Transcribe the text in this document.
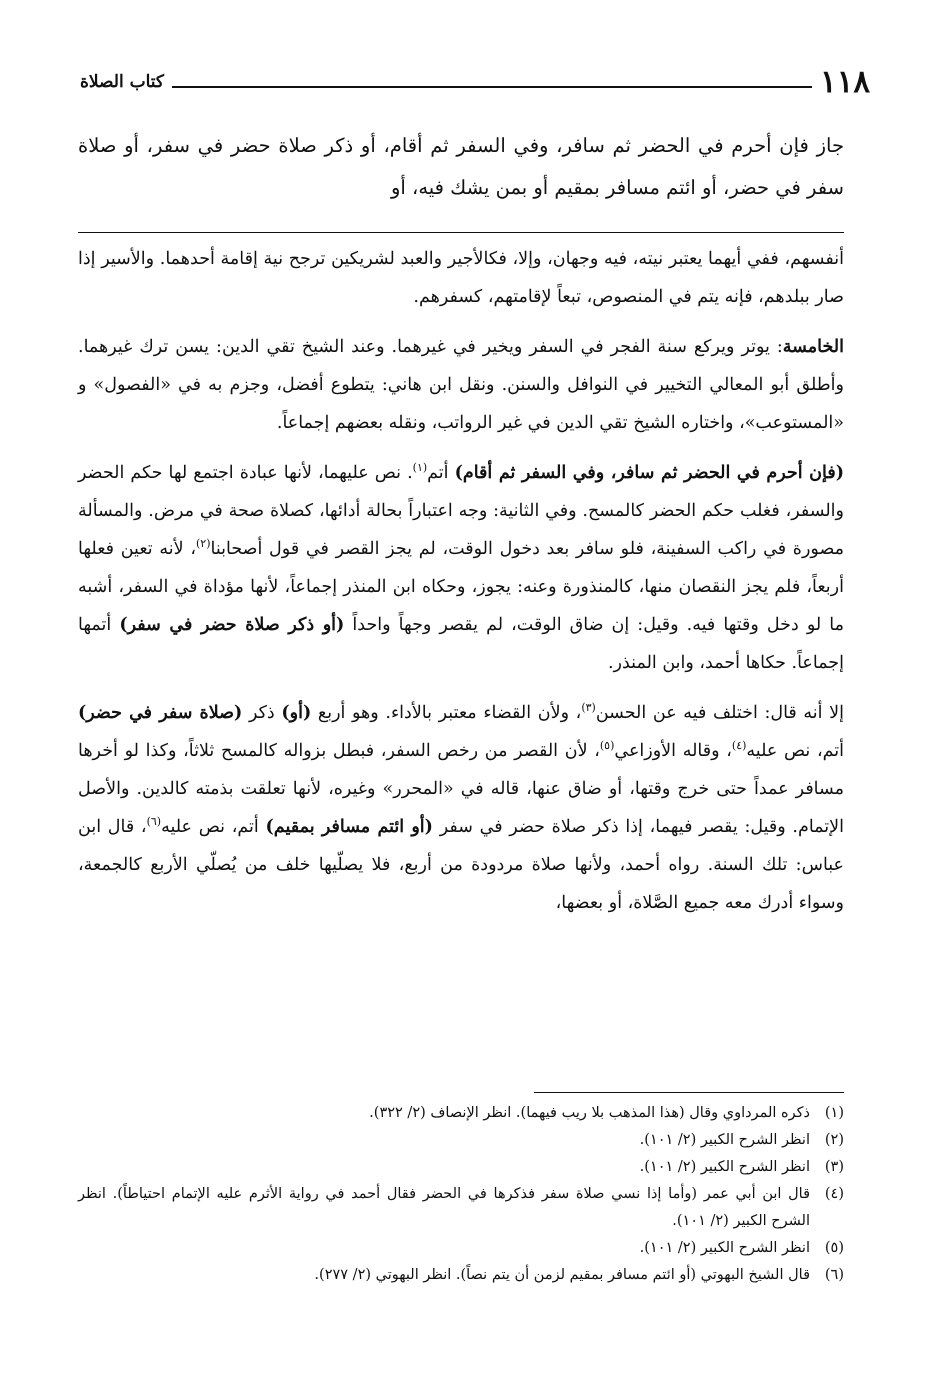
١١٨
كتاب الصلاة
جاز فإن أحرم في الحضر ثم سافر، وفي السفر ثم أقام، أو ذكر صلاة حضر في سفر، أو صلاة سفر في حضر، أو ائتم مسافر بمقيم أو بمن يشك فيه، أو

أنفسهم، ففي أيهما يعتبر نيته، فيه وجهان، وإلا، فكالأجير والعبد لشريكين ترجح نية إقامة أحدهما. والأسير إذا صار ببلدهم، فإنه يتم في المنصوص، تبعاً لإقامتهم، كسفرهم.

الخامسة: يوتر ويركع سنة الفجر في السفر ويخير في غيرهما. وعند الشيخ تقي الدين: يسن ترك غيرهما. وأطلق أبو المعالي التخيير في النوافل والسنن. ونقل ابن هاني: يتطوع أفضل، وجزم به في «الفصول» و «المستوعب»، واختاره الشيخ تقي الدين في غير الرواتب، ونقله بعضهم إجماعاً.

(فإن أحرم في الحضر ثم سافر، وفي السفر ثم أقام) أتم$^{(١)}$. نص عليهما، لأنها عبادة اجتمع لها حكم الحضر والسفر، فغلب حكم الحضر كالمسح. وفي الثانية: وجه اعتباراً بحالة أدائها، كصلاة صحة في مرض. والمسألة مصورة في راكب السفينة، فلو سافر بعد دخول الوقت، لم يجز القصر في قول أصحابنا$^{(٢)}$، لأنه تعين فعلها أربعاً، فلم يجز النقصان منها، كالمنذورة وعنه: يجوز، وحكاه ابن المنذر إجماعاً، لأنها مؤداة في السفر، أشبه ما لو دخل وقتها فيه. وقيل: إن ضاق الوقت، لم يقصر وجهاً واحداً (أو ذكر صلاة حضر في سفر) أتمها إجماعاً. حكاها أحمد، وابن المنذر.

إلا أنه قال: اختلف فيه عن الحسن$^{(٣)}$، ولأن القضاء معتبر بالأداء. وهو أربع (أو) ذكر (صلاة سفر في حضر) أتم، نص عليه$^{(٤)}$، وقاله الأوزاعي$^{(٥)}$، لأن القصر من رخص السفر، فبطل بزواله كالمسح ثلاثاً، وكذا لو أخرها مسافر عمداً حتى خرج وقتها، أو ضاق عنها، قاله في «المحرر» وغيره، لأنها تعلقت بذمته كالدين. والأصل الإتمام. وقيل: يقصر فيهما، إذا ذكر صلاة حضر في سفر (أو ائتم مسافر بمقيم) أتم، نص عليه$^{(٦)}$، قال ابن عباس: تلك السنة. رواه أحمد، ولأنها صلاة مردودة من أربع، فلا يصلّيها خلف من يُصلّي الأربع كالجمعة، وسواء أدرك معه جميع الصَّلاة، أو بعضها،

(١)
ذكره المرداوي وقال (هذا المذهب بلا ريب فيهما). انظر الإنصاف (٢/ ٣٢٢).
(٢)
انظر الشرح الكبير (٢/ ١٠١).
(٣)
انظر الشرح الكبير (٢/ ١٠١).
(٤)
قال ابن أبي عمر (وأما إذا نسي صلاة سفر فذكرها في الحضر فقال أحمد في رواية الأثرم عليه الإتمام احتياطاً). انظر الشرح الكبير (٢/ ١٠١).
(٥)
انظر الشرح الكبير (٢/ ١٠١).
(٦)
قال الشيخ البهوتي (أو ائتم مسافر بمقيم لزمن أن يتم نصاً). انظر البهوتي (٢/ ٢٧٧).
